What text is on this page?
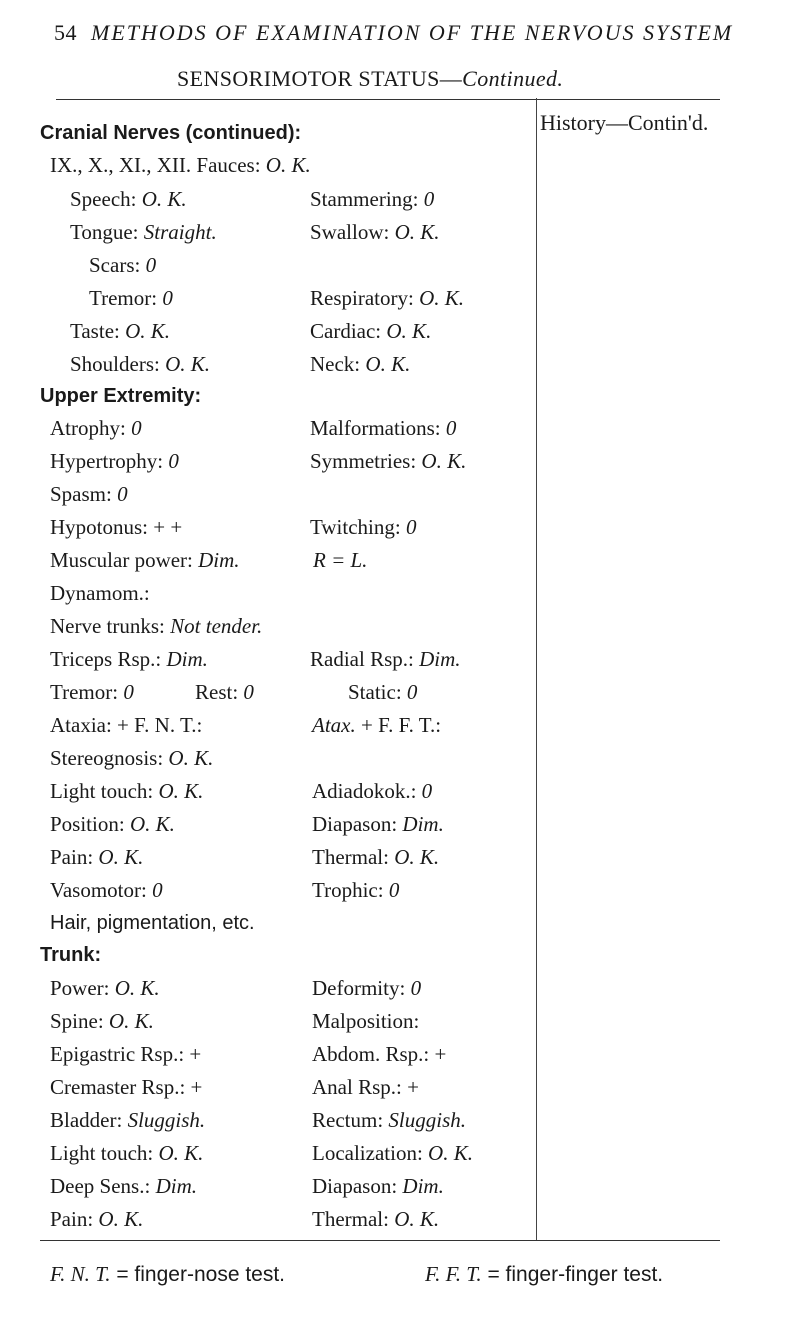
54 METHODS OF EXAMINATION OF THE NERVOUS SYSTEM
SENSORIMOTOR STATUS—Continued.
History—Contin'd.
Cranial Nerves (continued):
IX., X., XI., XII. Fauces: O. K.
Speech: O. K.	Stammering: 0
Tongue: Straight.	Swallow: O. K.
Scars: 0
Tremor: 0	Respiratory: O. K.
Taste: O. K.	Cardiac: O. K.
Shoulders: O. K.	Neck: O. K.
Upper Extremity:
Atrophy: 0	Malformations: 0
Hypertrophy: 0	Symmetries: O. K.
Spasm: 0
Hypotonus: + +	Twitching: 0
Muscular power: Dim.	R = L.
Dynamom.:
Nerve trunks: Not tender.
Triceps Rsp.: Dim.	Radial Rsp.: Dim.
Tremor: 0	Rest: 0	Static: 0
Ataxia: + F. N. T.:	Atax. + F. F. T.:
Stereognosis: O. K.
Light touch: O. K.	Adiadokok.: 0
Position: O. K.	Diapason: Dim.
Pain: O. K.	Thermal: O. K.
Vasomotor: 0	Trophic: 0
Hair, pigmentation, etc.
Trunk:
Power: O. K.	Deformity: 0
Spine: O. K.	Malposition:
Epigastric Rsp.: +	Abdom. Rsp.: +
Cremaster Rsp.: +	Anal Rsp.: +
Bladder: Sluggish.	Rectum: Sluggish.
Light touch: O. K.	Localization: O. K.
Deep Sens.: Dim.	Diapason: Dim.
Pain: O. K.	Thermal: O. K.
F. N. T. = finger-nose test.	F. F. T. = finger-finger test.
